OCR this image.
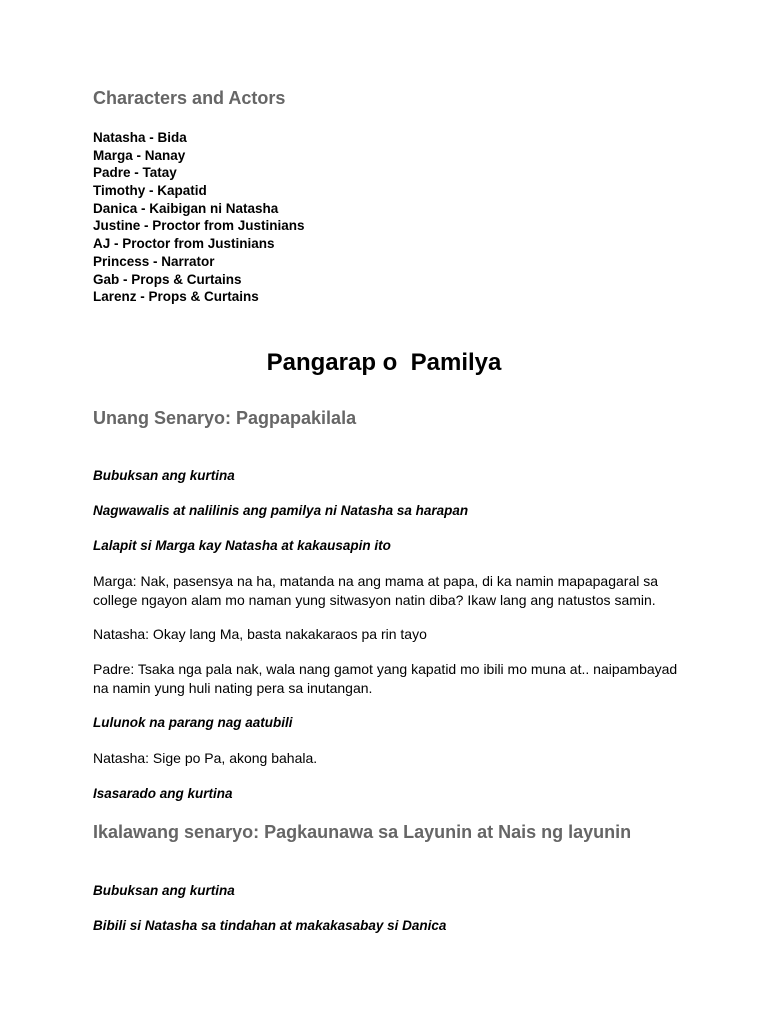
Characters and Actors
Natasha - Bida
Marga - Nanay
Padre - Tatay
Timothy - Kapatid
Danica - Kaibigan ni Natasha
Justine - Proctor from Justinians
AJ - Proctor from Justinians
Princess - Narrator
Gab - Props & Curtains
Larenz - Props & Curtains
Pangarap o  Pamilya
Unang Senaryo: Pagpapakilala
Bubuksan ang kurtina
Nagwawalis at nalilinis ang pamilya ni Natasha sa harapan
Lalapit si Marga kay Natasha at kakausapin ito
Marga: Nak, pasensya na ha, matanda na ang mama at papa, di ka namin mapapagaral sa college ngayon alam mo naman yung sitwasyon natin diba? Ikaw lang ang natustos samin.
Natasha: Okay lang Ma, basta nakakaraos pa rin tayo
Padre: Tsaka nga pala nak, wala nang gamot yang kapatid mo ibili mo muna at.. naipambayad na namin yung huli nating pera sa inutangan.
Lulunok na parang nag aatubili
Natasha: Sige po Pa, akong bahala.
Isasarado ang kurtina
Ikalawang senaryo: Pagkaunawa sa Layunin at Nais ng layunin
Bubuksan ang kurtina
Bibili si Natasha sa tindahan at makakasabay si Danica
